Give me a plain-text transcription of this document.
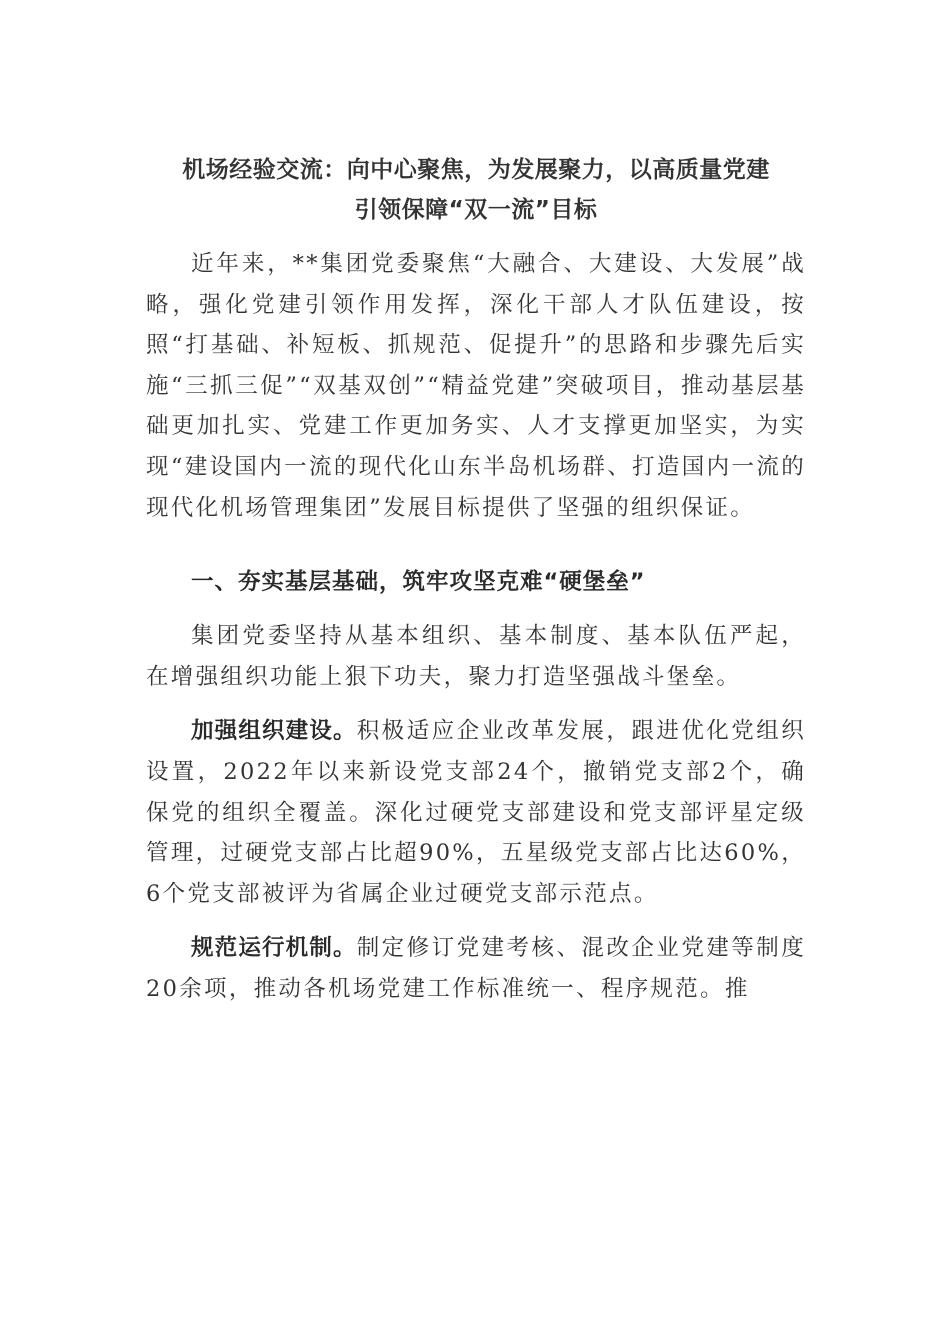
机场经验交流：向中心聚焦，为发展聚力，以高质量党建
引领保障“双一流”目标

近年来，**集团党委聚焦“大融合、大建设、大发展”战略，强化党建引领作用发挥，深化干部人才队伍建设，按照“打基础、补短板、抓规范、促提升”的思路和步骤先后实施“三抓三促”“双基双创”“精益党建”突破项目，推动基层基础更加扎实、党建工作更加务实、人才支撑更加坚实，为实现“建设国内一流的现代化山东半岛机场群、打造国内一流的现代化机场管理集团”发展目标提供了坚强的组织保证。

一、夯实基层基础，筑牢攻坚克难“硬堡垒”

集团党委坚持从基本组织、基本制度、基本队伍严起，在增强组织功能上狠下功夫，聚力打造坚强战斗堡垒。

加强组织建设。积极适应企业改革发展，跟进优化党组织设置，2022年以来新设党支部24个，撤销党支部2个，确保党的组织全覆盖。深化过硬党支部建设和党支部评星定级管理，过硬党支部占比超90%，五星级党支部占比达60%，6个党支部被评为省属企业过硬党支部示范点。

规范运行机制。制定修订党建考核、混改企业党建等制度20余项，推动各机场党建工作标准统一、程序规范。推
